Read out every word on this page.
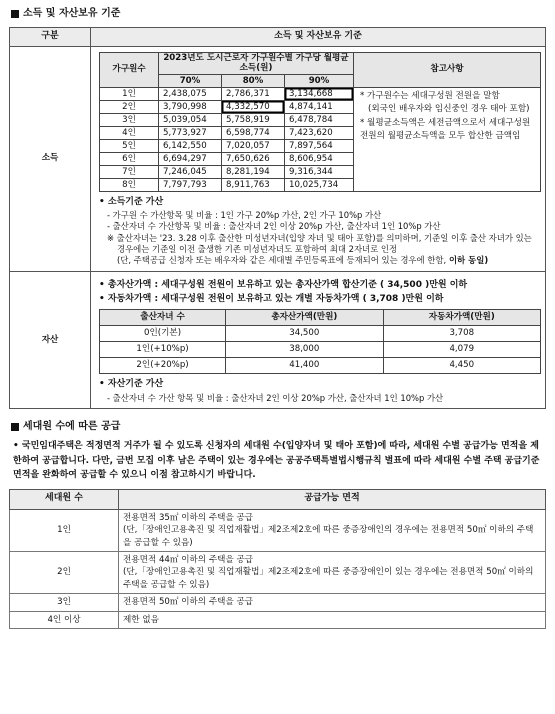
소득 및 자산보유 기준
구분	소득 및 자산보유 기준
소득	
가구원수	2023년도 도시근로자 가구원수별 가구당 월평균 소득(원)	참고사항
70%	80%	90%
1인	2,438,075	2,786,371	3,134,668	* 가구원수는 세대구성원 전원을 말함
(외국인 배우자와 임신중인 경우 태아 포함)
* 월평균소득액은 세전금액으로서 세대구성원 전원의 월평균소득액을 모두 합산한 금액임

2인	3,790,998	4,332,570	4,874,141
3인	5,039,054	5,758,919	6,478,784
4인	5,773,927	6,598,774	7,423,620
5인	6,142,550	7,020,057	7,897,564
6인	6,694,297	7,650,626	8,606,954
7인	7,246,045	8,281,194	9,316,344
8인	7,797,793	8,911,763	10,025,734
• 소득기준 가산
- 가구원 수 가산항목 및 비율 : 1인 가구 20%p 가산, 2인 가구 10%p 가산
- 출산자녀 수 가산항목 및 비율 : 출산자녀 2인 이상 20%p 가산, 출산자녀 1인 10%p 가산
※ 출산자녀는 '23. 3.28 이후 출산한 미성년자녀(입양 자녀 및 태아 포함)를 의미하며, 기준일 이후 출산 자녀가 있는 경우에는 기준일 이전 출생한 기존 미성년자녀도 포함하여 최대 2자녀로 인정
(단, 주택공급 신청자 또는 배우자와 같은 세대별 주민등록표에 등재되어 있는 경우에 한함, 이하 동일)

자산	
• 총자산가액 : 세대구성원 전원이 보유하고 있는 총자산가액 합산기준 ( 34,500 )만원 이하
• 자동차가액 : 세대구성원 전원이 보유하고 있는 개별 자동차가액 ( 3,708 )만원 이하
출산자녀 수	총자산가액(만원)	자동차가액(만원)
0인(기본)	34,500	3,708
1인(+10%p)	38,000	4,079
2인(+20%p)	41,400	4,450
• 자산기준 가산
- 출산자녀 수 가산 항목 및 비율 : 출산자녀 2인 이상 20%p 가산, 출산자녀 1인 10%p 가산
세대원 수에 따른 공급
• 국민임대주택은 적정면적 거주가 될 수 있도록 신청자의 세대원 수(입양자녀 및 태아 포함)에 따라, 세대원 수별 공급가능 면적을 제한하여 공급합니다. 다만, 금번 모집 이후 남은 주택이 있는 경우에는 공공주택특별법시행규칙 별표에 따라 세대원 수별 주택 공급기준 면적을 완화하여 공급할 수 있으니 이점 참고하시기 바랍니다.
세대원 수	공급가능 면적
1인	전용면적 35㎡ 이하의 주택을 공급
(단,「장애인고용촉진 및 직업재활법」제2조제2호에 따른 중증장애인의 경우에는 전용면적 50㎡ 이하의 주택을 공급할 수 있음)

2인	전용면적 44㎡ 이하의 주택을 공급
(단,「장애인고용촉진 및 직업재활법」제2조제2호에 따른 중증장애인이 있는 경우에는 전용면적 50㎡ 이하의 주택을 공급할 수 있음)

3인	전용면적 50㎡ 이하의 주택을 공급

4인 이상	제한 없음
